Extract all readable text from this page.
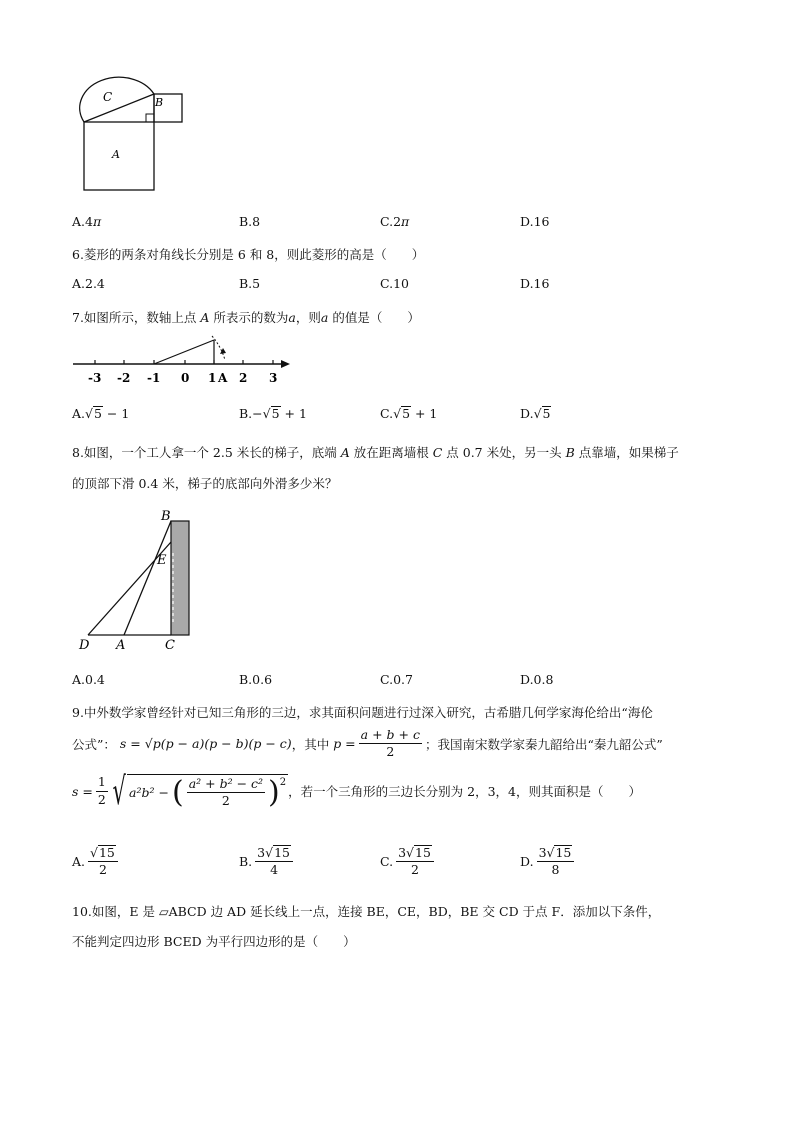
C	B
A
A.4π	B.8	C.2π	D.16
6.菱形的两条对角线长分别是 6 和 8，则此菱形的高是（　　）
A.2.4	B.5	C.10	D.16
7.如图所示，数轴上点 A 所表示的数为a，则a 的值是（　　）
-3 -2 -1 0 1 A 2 3
A.√5 − 1	B.−√5 + 1	C.√5 + 1	D.√5
8.如图，一个工人拿一个 2.5 米长的梯子，底端 A 放在距离墙根 C 点 0.7 米处，另一头 B 点靠墙，如果梯子
的顶部下滑 0.4 米，梯子的底部向外滑多少米？
B
E
D A	C
A.0.4	B.0.6	C.0.7	D.0.8
9.中外数学家曾经针对已知三角形的三边，求其面积问题进行过深入研究，古希腊几何学家海伦给出“海伦
公式”： s = √p(p − a)(p − b)(p − c) ，其中 $p = \frac{a + b + c}{2}$ ；我国南宋数学家秦九韶给出“秦九韶公式”
$s = \frac{1}{2}$ √ a²b² − ( $\frac{\text{a² + b² − c²}}{2} )^2$
，若一个三角形的三边长分别为 2，3，4，则其面积是（　　）
A. $\frac{√15}{2}$	B. $\frac{3√15}{4}$	C. $\frac{3√15}{2}$	D. $\frac{3√15}{8}$
10.如图，E 是 ▱ABCD 边 AD 延长线上一点，连接 BE，CE，BD，BE 交 CD 于点 F．添加以下条件，
不能判定四边形 BCED 为平行四边形的是（　　）
